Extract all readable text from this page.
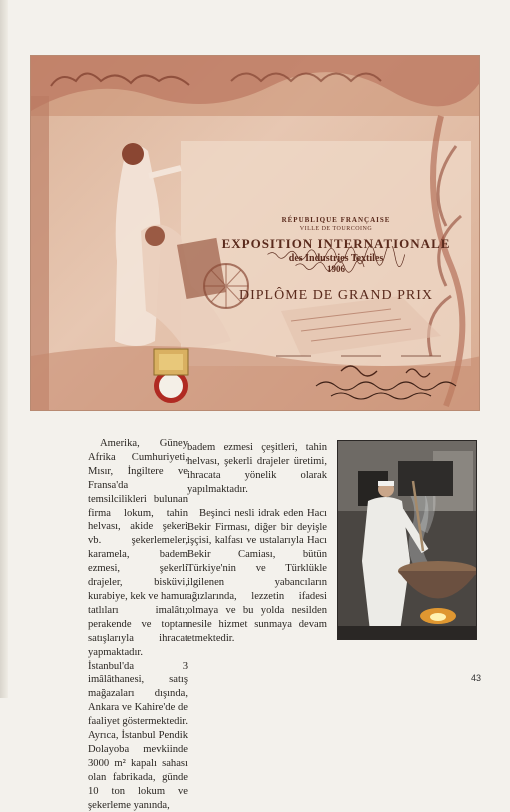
RÉPUBLIQUE FRANÇAISE
VILLE DE TOURCOING
EXPOSITION INTERNATIONALE
des Industries Textiles
1906
DIPLÔME DE GRAND PRIX

Amerika, Güney Afrika Cumhuriyeti, Mısır, İngiltere ve Fransa'da temsilcilikleri bulunan firma lokum, tahin helvası, akide şekeri vb. şekerlemeler, karamela, badem ezmesi, şekerli drajeler, bisküvi, kurabiye, kek ve hamur tatlıları imalâtı; perakende ve toptan satışlarıyla ihracat yapmaktadır. İstanbul'da 3 imâlâthanesi, satış mağazaları dışında, Ankara ve Kahire'de de faaliyet göstermektedir. Ayrıca, İstanbul Pendik Dolayoba mevkiinde 3000 m² kapalı sahası olan fabrikada, günde 10 ton lokum ve şekerleme yanında,

badem ezmesi çeşitleri, tahin helvası, şekerli drajeler üretimi, ihracata yönelik olarak yapılmaktadır.

Beşinci nesli idrak eden Hacı Bekir Firması, diğer bir deyişle işçisi, kalfası ve ustalarıyla Hacı Bekir Camiası, bütün Türkiye'nin ve Türklükle ilgilenen yabancıların ağızlarında, lezzetin ifadesi olmaya ve bu yolda nesilden nesile hizmet sunmaya devam etmektedir.

43
